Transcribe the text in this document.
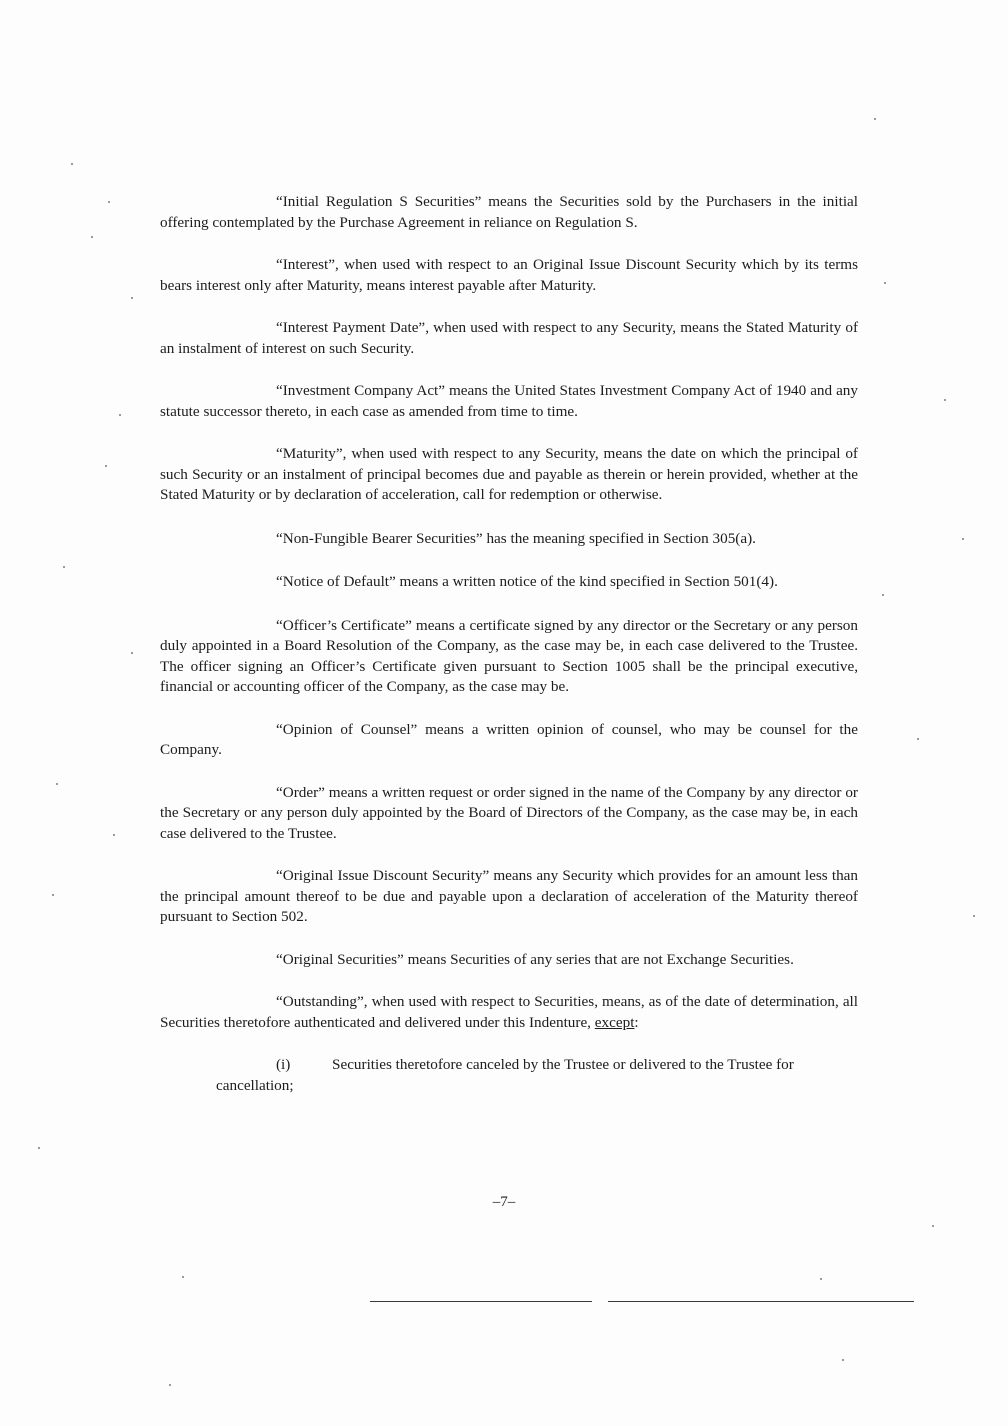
“Initial Regulation S Securities” means the Securities sold by the Purchasers in the initial offering contemplated by the Purchase Agreement in reliance on Regulation S.

“Interest”, when used with respect to an Original Issue Discount Security which by its terms bears interest only after Maturity, means interest payable after Maturity.

“Interest Payment Date”, when used with respect to any Security, means the Stated Maturity of an instalment of interest on such Security.

“Investment Company Act” means the United States Investment Company Act of 1940 and any statute successor thereto, in each case as amended from time to time.

“Maturity”, when used with respect to any Security, means the date on which the principal of such Security or an instalment of principal becomes due and payable as therein or herein provided, whether at the Stated Maturity or by declaration of acceleration, call for redemption or otherwise.

“Non-Fungible Bearer Securities” has the meaning specified in Section 305(a).

“Notice of Default” means a written notice of the kind specified in Section 501(4).

“Officer’s Certificate” means a certificate signed by any director or the Secretary or any person duly appointed in a Board Resolution of the Company, as the case may be, in each case delivered to the Trustee. The officer signing an Officer’s Certificate given pursuant to Section 1005 shall be the principal executive, financial or accounting officer of the Company, as the case may be.

“Opinion of Counsel” means a written opinion of counsel, who may be counsel for the Company.

“Order” means a written request or order signed in the name of the Company by any director or the Secretary or any person duly appointed by the Board of Directors of the Company, as the case may be, in each case delivered to the Trustee.

“Original Issue Discount Security” means any Security which provides for an amount less than the principal amount thereof to be due and payable upon a declaration of acceleration of the Maturity thereof pursuant to Section 502.

“Original Securities” means Securities of any series that are not Exchange Securities.

“Outstanding”, when used with respect to Securities, means, as of the date of determination, all Securities theretofore authenticated and delivered under this Indenture, except:

(i)	Securities theretofore canceled by the Trustee or delivered to the Trustee for cancellation;

–7–
